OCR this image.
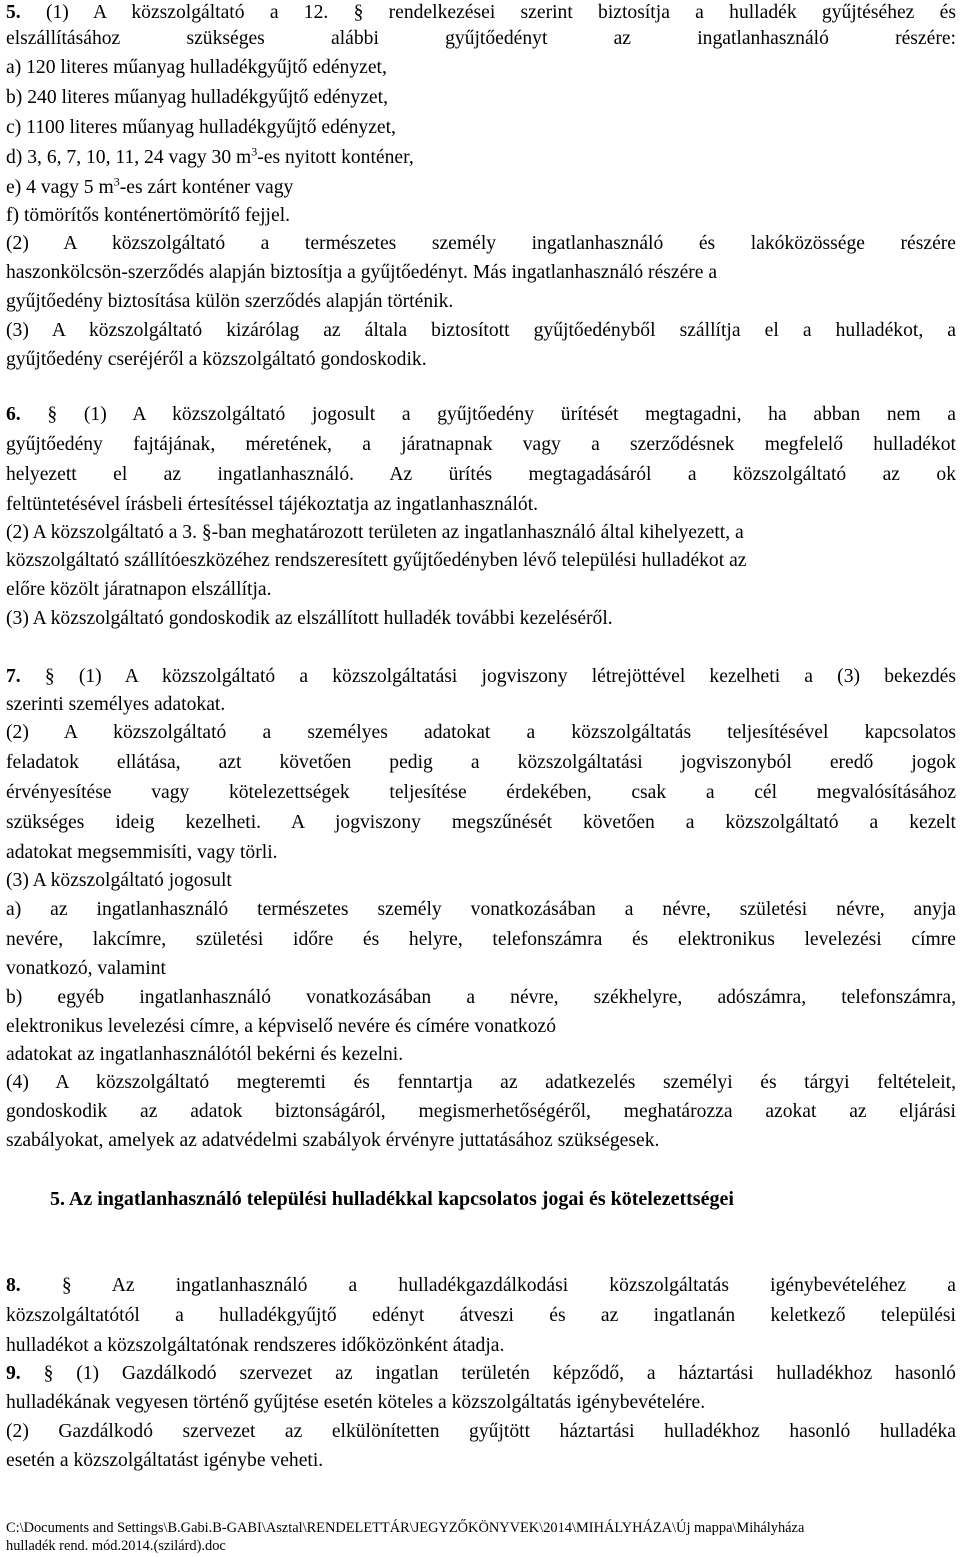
5. (1) A közszolgáltató a 12. § rendelkezései szerint biztosítja a hulladék gyűjtéséhez és
elszállításához szükséges alábbi gyűjtőedényt az ingatlanhasználó részére:
a) 120 literes műanyag hulladékgyűjtő edényzet,
b) 240 literes műanyag hulladékgyűjtő edényzet,
c) 1100 literes műanyag hulladékgyűjtő edényzet,
d) 3, 6, 7, 10, 11, 24 vagy 30 $m^3-es$ nyitott konténer,
e) 4 vagy 5 $m^3-es$ zárt konténer vagy
f) tömörítős konténertömörítő fejjel.
(2) A közszolgáltató a természetes személy ingatlanhasználó és lakóközössége részére
haszonkölcsön-szerződés alapján biztosítja a gyűjtőedényt. Más ingatlanhasználó részére a
gyűjtőedény biztosítása külön szerződés alapján történik.
(3) A közszolgáltató kizárólag az általa biztosított gyűjtőedényből szállítja el a hulladékot, a
gyűjtőedény cseréjéről a közszolgáltató gondoskodik.
6. § (1) A közszolgáltató jogosult a gyűjtőedény ürítését megtagadni, ha abban nem a
gyűjtőedény fajtájának, méretének, a járatnapnak vagy a szerződésnek megfelelő hulladékot
helyezett el az ingatlanhasználó. Az ürítés megtagadásáról a közszolgáltató az ok
feltüntetésével írásbeli értesítéssel tájékoztatja az ingatlanhasználót.
(2) A közszolgáltató a 3. §-ban meghatározott területen az ingatlanhasználó által kihelyezett, a
közszolgáltató szállítóeszközéhez rendszeresített gyűjtőedényben lévő települési hulladékot az
előre közölt járatnapon elszállítja.
(3) A közszolgáltató gondoskodik az elszállított hulladék további kezeléséről.
7. § (1) A közszolgáltató a közszolgáltatási jogviszony létrejöttével kezelheti a (3) bekezdés
szerinti személyes adatokat.
(2) A közszolgáltató a személyes adatokat a közszolgáltatás teljesítésével kapcsolatos
feladatok ellátása, azt követően pedig a közszolgáltatási jogviszonyból eredő jogok
érvényesítése vagy kötelezettségek teljesítése érdekében, csak a cél megvalósításához
szükséges ideig kezelheti. A jogviszony megszűnését követően a közszolgáltató a kezelt
adatokat megsemmisíti, vagy törli.
(3) A közszolgáltató jogosult
a) az ingatlanhasználó természetes személy vonatkozásában a névre, születési névre, anyja
nevére, lakcímre, születési időre és helyre, telefonszámra és elektronikus levelezési címre
vonatkozó, valamint
b) egyéb ingatlanhasználó vonatkozásában a névre, székhelyre, adószámra, telefonszámra,
elektronikus levelezési címre, a képviselő nevére és címére vonatkozó
adatokat az ingatlanhasználótól bekérni és kezelni.
(4) A közszolgáltató megteremti és fenntartja az adatkezelés személyi és tárgyi feltételeit,
gondoskodik az adatok biztonságáról, megismerhetőségéről, meghatározza azokat az eljárási
szabályokat, amelyek az adatvédelmi szabályok érvényre juttatásához szükségesek.
5. Az ingatlanhasználó települési hulladékkal kapcsolatos jogai és kötelezettségei
8. § Az ingatlanhasználó a hulladékgazdálkodási közszolgáltatás igénybevételéhez a
közszolgáltatótól a hulladékgyűjtő edényt átveszi és az ingatlanán keletkező települési
hulladékot a közszolgáltatónak rendszeres időközönként átadja.
9. § (1) Gazdálkodó szervezet az ingatlan területén képződő, a háztartási hulladékhoz hasonló
hulladékának vegyesen történő gyűjtése esetén köteles a közszolgáltatás igénybevételére.
(2) Gazdálkodó szervezet az elkülönítetten gyűjtött háztartási hulladékhoz hasonló hulladéka
esetén a közszolgáltatást igénybe veheti.
C:\Documents and Settings\B.Gabi.B-GABI\Asztal\RENDELETTÁR\JEGYZŐKÖNYVEK\2014\MIHÁLYHÁZA\Új mappa\Mihályháza
hulladék rend. mód.2014.(szilárd).doc
